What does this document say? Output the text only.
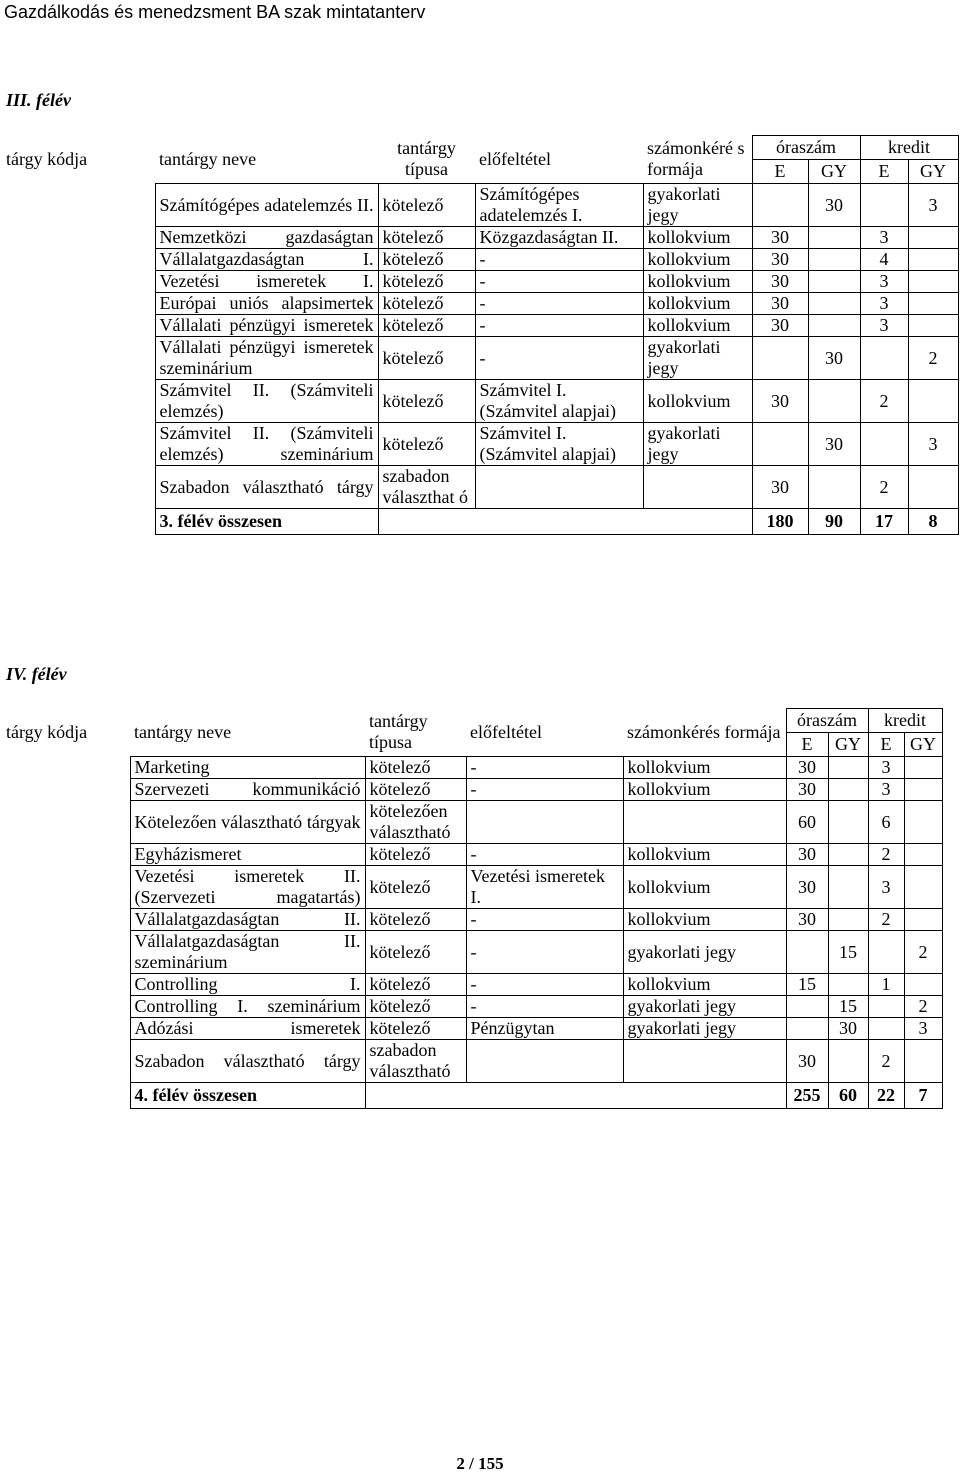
Gazdálkodás és menedzsment BA szak mintatanterv
III. félév
tárgy kódja	tantárgy neve	tantárgy típusa	előfeltétel	számonkéré s formája	óraszám		kredit	
					E	GY	E	GY
	Számítógépes adatelemzés II.	kötelező	Számítógépes adatelemzés I.	gyakorlati jegy		30		3
	Nemzetközi gazdaságtan	kötelező	Közgazdaságtan II.	kollokvium	30		3	
	Vállalatgazdaságtan I.	kötelező	-	kollokvium	30		4	
	Vezetési ismeretek I.	kötelező	-	kollokvium	30		3	
	Európai uniós alapsimertek	kötelező	-	kollokvium	30		3	
	Vállalati pénzügyi ismeretek	kötelező	-	kollokvium	30		3	
	Vállalati pénzügyi ismeretek szeminárium	kötelező	-	gyakorlati jegy		30		2
	Számvitel II. (Számviteli elemzés)	kötelező	Számvitel I. (Számvitel alapjai)	kollokvium	30		2	
	Számvitel II. (Számviteli elemzés) szeminárium	kötelező	Számvitel I. (Számvitel alapjai)	gyakorlati jegy		30		3
	Szabadon választható tárgy	szabadon választhat ó			30		2	
	3. félév összesen				180	90	17	8
IV. félév
tárgy kódja	tantárgy neve	tantárgy típusa	előfeltétel	számonkérés formája	óraszám		kredit	
					E	GY	E	GY
	Marketing	kötelező	-	kollokvium	30		3	
	Szervezeti kommunikáció	kötelező	-	kollokvium	30		3	
	Kötelezően választható tárgyak	kötelezően választható			60		6	
	Egyházismeret	kötelező	-	kollokvium	30		2	
	Vezetési ismeretek II. (Szervezeti magatartás)	kötelező	Vezetési ismeretek I.	kollokvium	30		3	
	Vállalatgazdaságtan II.	kötelező	-	kollokvium	30		2	
	Vállalatgazdaságtan II. szeminárium	kötelező	-	gyakorlati jegy		15		2
	Controlling I.	kötelező	-	kollokvium	15		1	
	Controlling I. szeminárium	kötelező	-	gyakorlati jegy		15		2
	Adózási ismeretek	kötelező	Pénzügytan	gyakorlati jegy		30		3
	Szabadon választható tárgy	szabadon választható			30		2	
	4. félév összesen				255	60	22	7
2 / 155
